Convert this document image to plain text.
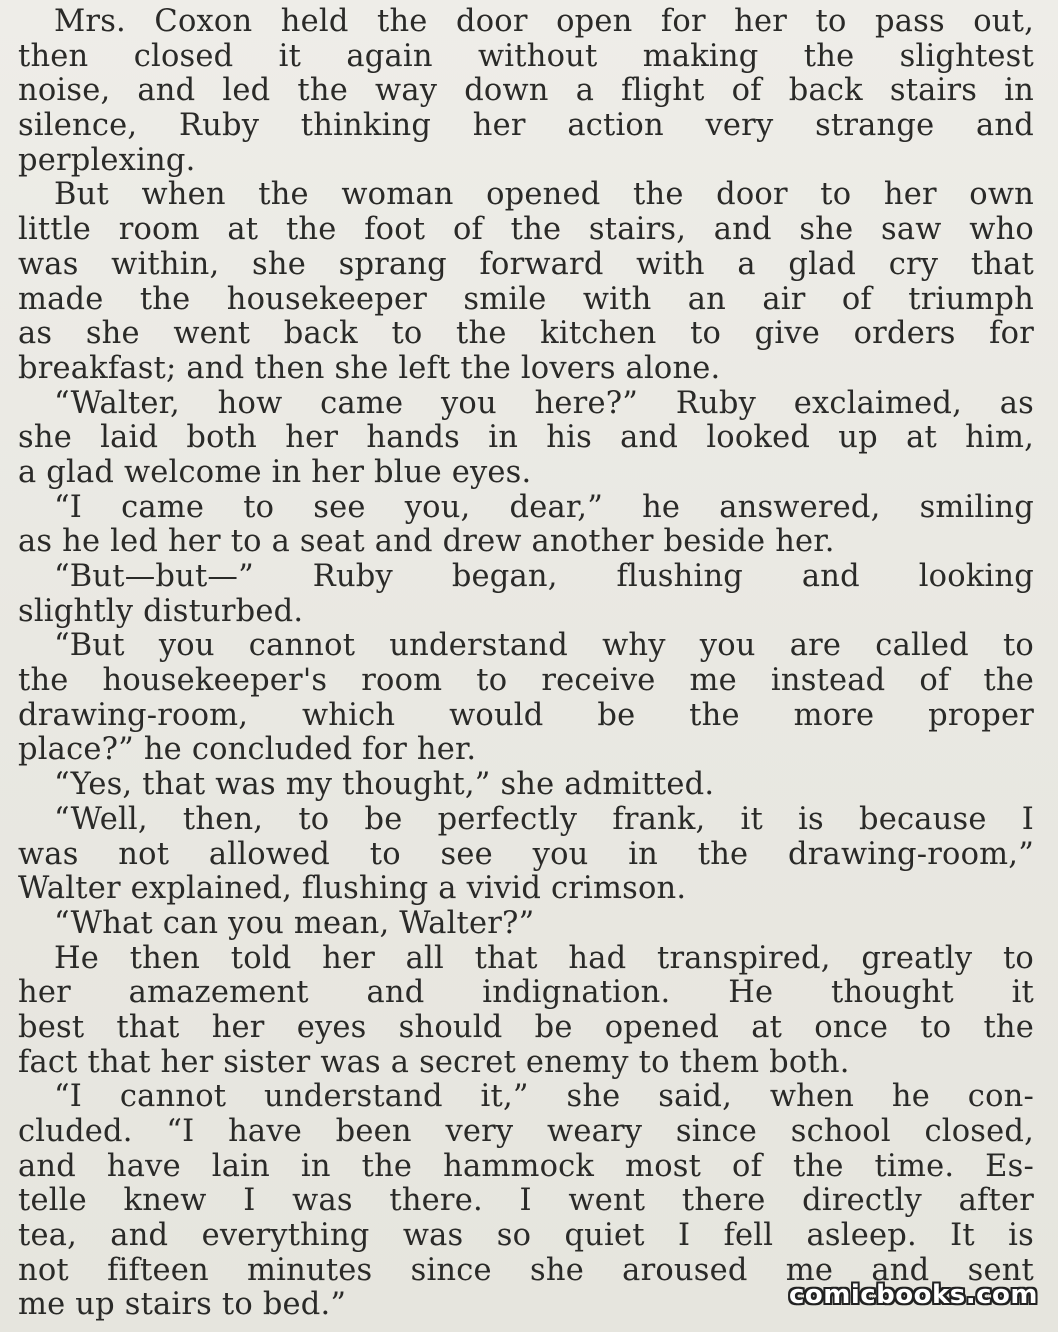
Mrs. Coxon held the door open for her to pass out,
then closed it again without making the slightest
noise, and led the way down a flight of back stairs in
silence, Ruby thinking her action very strange and
perplexing.
But when the woman opened the door to her own
little room at the foot of the stairs, and she saw who
was within, she sprang forward with a glad cry that
made the housekeeper smile with an air of triumph
as she went back to the kitchen to give orders for
breakfast; and then she left the lovers alone.
“Walter, how came you here?” Ruby exclaimed, as
she laid both her hands in his and looked up at him,
a glad welcome in her blue eyes.
“I came to see you, dear,” he answered, smiling
as he led her to a seat and drew another beside her.
“But—but—” Ruby began, flushing and looking
slightly disturbed.
“But you cannot understand why you are called to
the housekeeper's room to receive me instead of the
drawing-room, which would be the more proper
place?” he concluded for her.
“Yes, that was my thought,” she admitted.
“Well, then, to be perfectly frank, it is because I
was not allowed to see you in the drawing-room,”
Walter explained, flushing a vivid crimson.
“What can you mean, Walter?”
He then told her all that had transpired, greatly to
her amazement and indignation. He thought it
best that her eyes should be opened at once to the
fact that her sister was a secret enemy to them both.
“I cannot understand it,” she said, when he con-
cluded. “I have been very weary since school closed,
and have lain in the hammock most of the time. Es-
telle knew I was there. I went there directly after
tea, and everything was so quiet I fell asleep. It is
not fifteen minutes since she aroused me and sent
me up stairs to bed.”	comicbooks.com
